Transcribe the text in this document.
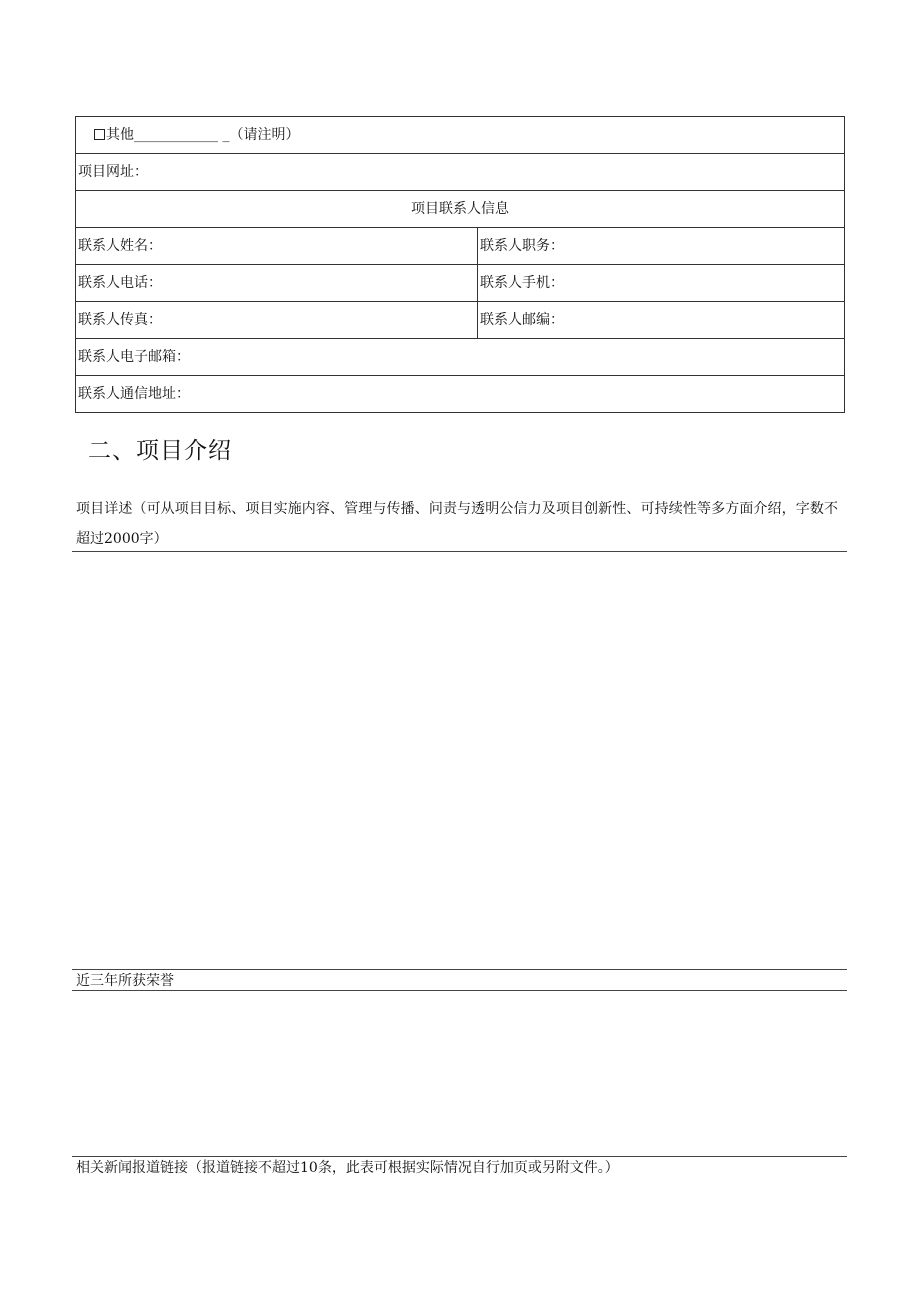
其他____________ _（请注明）	
项目网址：	
项目联系人信息	
联系人姓名：	联系人职务：
联系人电话：	联系人手机：
联系人传真：	联系人邮编：
联系人电子邮箱：	
联系人通信地址：	
二、项目介绍
项目详述（可从项目目标、项目实施内容、管理与传播、问责与透明公信力及项目创新性、可持续性等多方面介绍，字数不超过2000字）
近三年所获荣誉
相关新闻报道链接（报道链接不超过10条，此表可根据实际情况自行加页或另附文件。）
